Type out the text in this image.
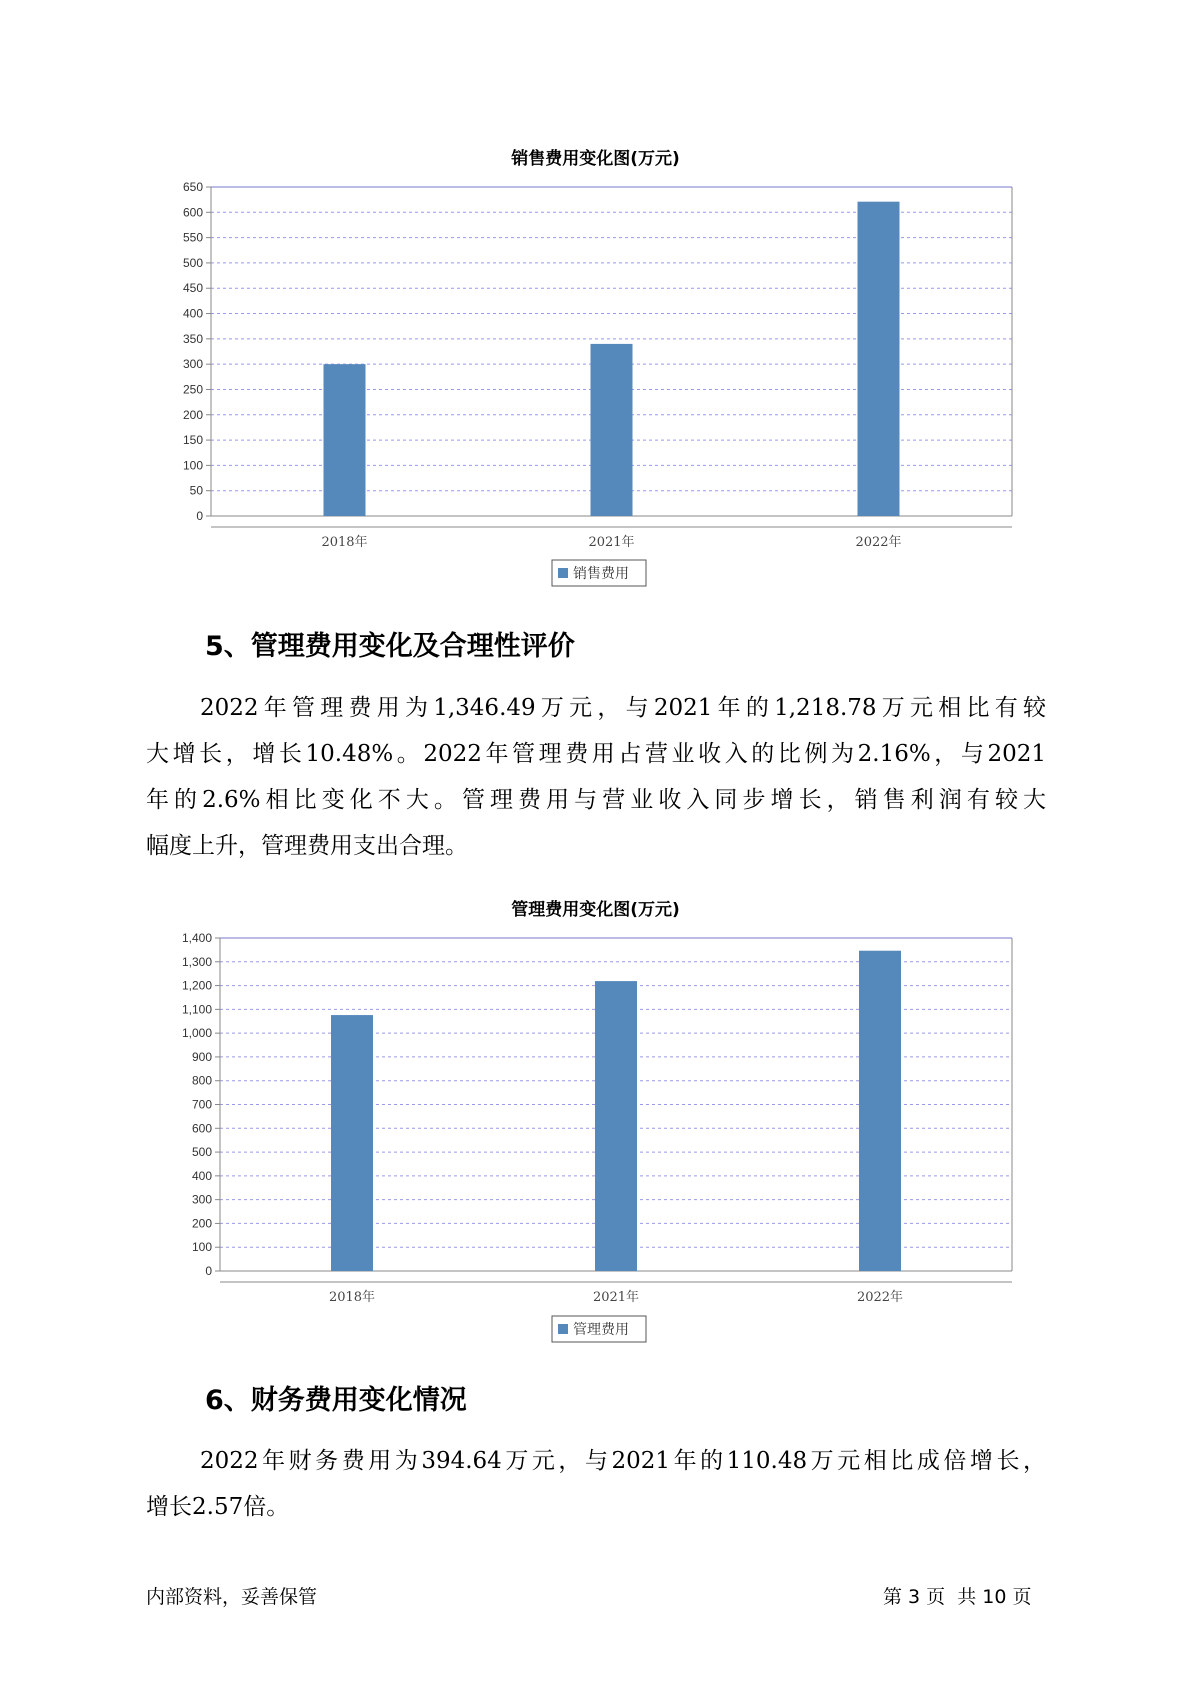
销售费用变化图(万元)
0
50
100
150
200
250
300
350
400
450
500
550
600
650
2018年	2021年	2022年
销售费用
5、管理费用变化及合理性评价
2022年管理费用为1,346.49万元，与2021年的1,218.78万元相比有较
大增长，增长10.48%。2022年管理费用占营业收入的比例为2.16%，与2021
年的2.6%相比变化不大。管理费用与营业收入同步增长，销售利润有较大
幅度上升，管理费用支出合理。
管理费用变化图(万元)
0
100
200
300
400
500
600
700
800
900
1,000
1,100
1,200
1,300
1,400
2018年	2021年	2022年
管理费用
6、财务费用变化情况
2022年财务费用为394.64万元，与2021年的110.48万元相比成倍增长，
增长2.57倍。
内部资料，妥善保管	第 3 页  共 10 页
